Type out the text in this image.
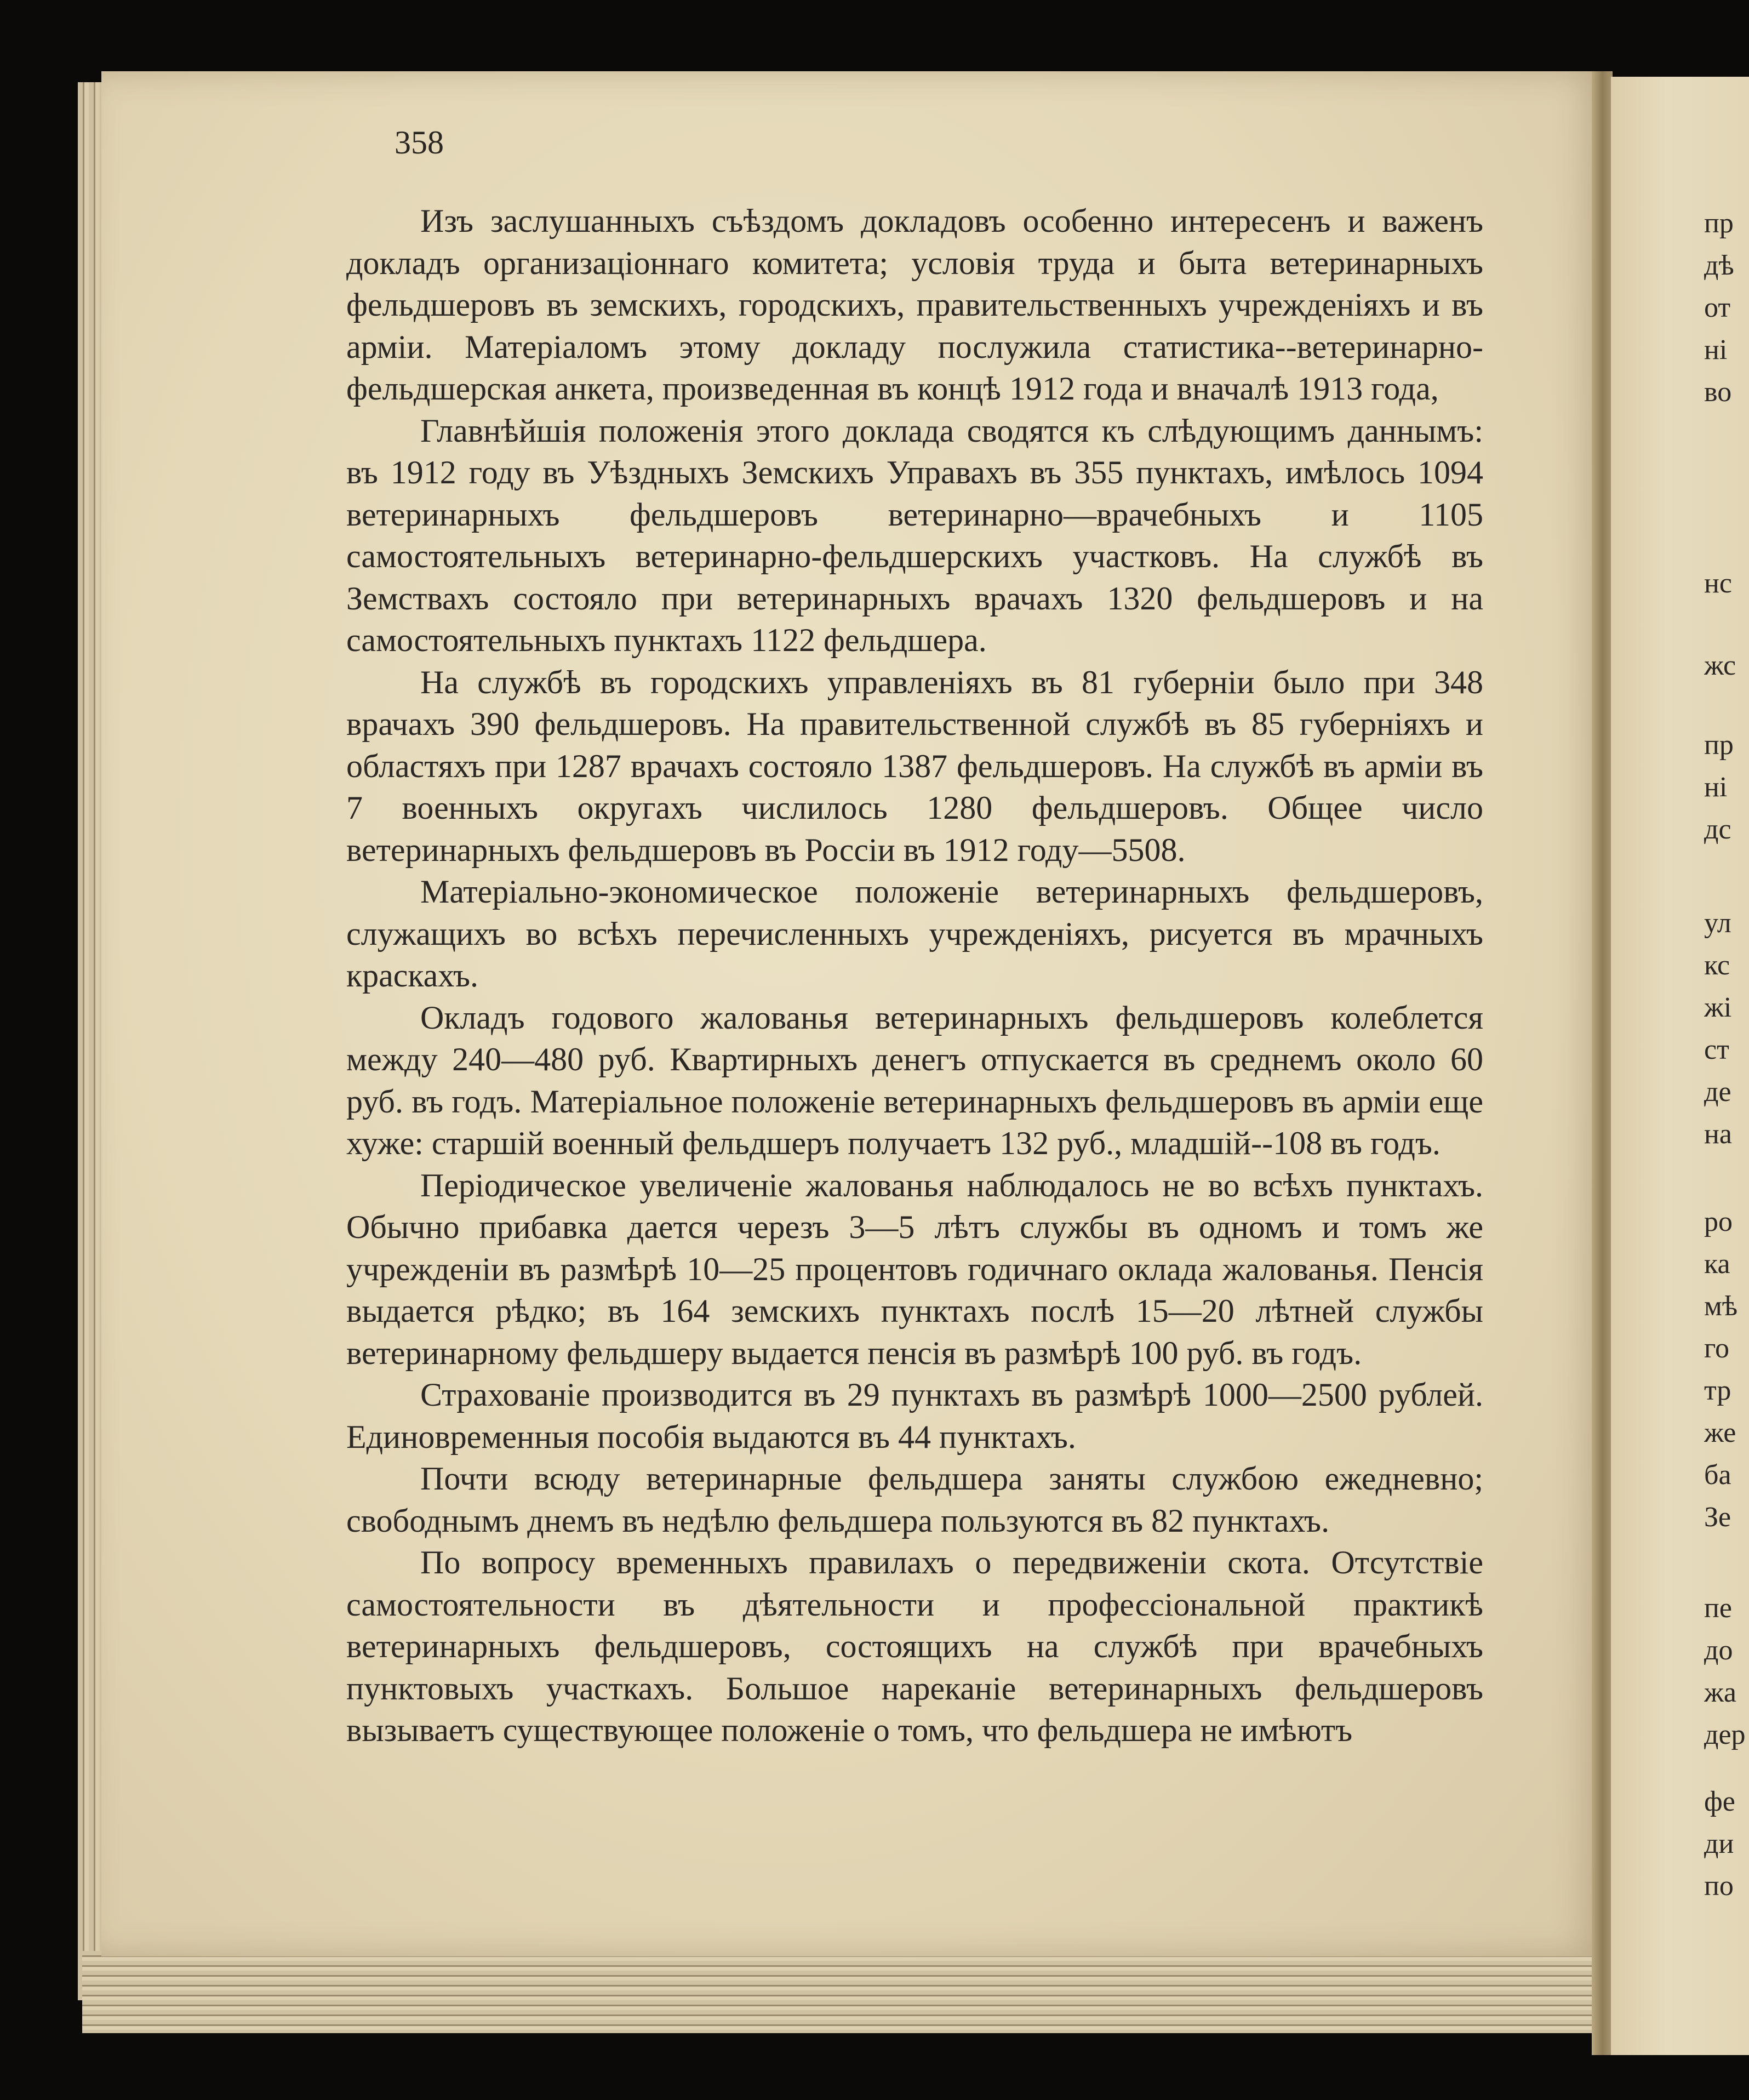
358

Изъ заслушанныхъ съѣздомъ докладовъ особенно интересенъ и важенъ докладъ организаціоннаго комитета; условія труда и быта ветеринарныхъ фельдшеровъ въ земскихъ, городскихъ, правительственныхъ учрежденіяхъ и въ арміи. Матеріаломъ этому докладу послужила статистика--ветеринарно-фельдшерская анкета, произведенная въ концѣ 1912 года и вначалѣ 1913 года,

Главнѣйшія положенія этого доклада сводятся къ слѣдующимъ даннымъ: въ 1912 году въ Уѣздныхъ Земскихъ Управахъ въ 355 пунктахъ, имѣлось 1094 ветеринарныхъ фельдшеровъ ветеринарно—врачебныхъ и 1105 самостоятельныхъ ветеринарно-фельдшерскихъ участковъ. На службѣ въ Земствахъ состояло при ветеринарныхъ врачахъ 1320 фельдшеровъ и на самостоятельныхъ пунктахъ 1122 фельдшера.

На службѣ въ городскихъ управленіяхъ въ 81 губерніи было при 348 врачахъ 390 фельдшеровъ. На правительственной службѣ въ 85 губерніяхъ и областяхъ при 1287 врачахъ состояло 1387 фельдшеровъ. На службѣ въ арміи въ 7 военныхъ округахъ числилось 1280 фельдшеровъ. Общее число ветеринарныхъ фельдшеровъ въ Россіи въ 1912 году—5508.

Матеріально-экономическое положеніе ветеринарныхъ фельдшеровъ, служащихъ во всѣхъ перечисленныхъ учрежденіяхъ, рисуется въ мрачныхъ краскахъ.

Окладъ годового жалованья ветеринарныхъ фельдшеровъ колеблется между 240—480 руб. Квартирныхъ денегъ отпускается въ среднемъ около 60 руб. въ годъ. Матеріальное положеніе ветеринарныхъ фельдшеровъ въ арміи еще хуже: старшій военный фельдшеръ получаетъ 132 руб., младшій--108 въ годъ.

Періодическое увеличеніе жалованья наблюдалось не во всѣхъ пунктахъ. Обычно прибавка дается черезъ 3—5 лѣтъ службы въ одномъ и томъ же учрежденіи въ размѣрѣ 10—25 процентовъ годичнаго оклада жалованья. Пенсія выдается рѣдко; въ 164 земскихъ пунктахъ послѣ 15—20 лѣтней службы ветеринарному фельдшеру выдается пенсія въ размѣрѣ 100 руб. въ годъ.

Страхованіе производится въ 29 пунктахъ въ размѣрѣ 1000—2500 рублей. Единовременныя пособія выдаются въ 44 пунктахъ.

Почти всюду ветеринарные фельдшера заняты службою ежедневно; свободнымъ днемъ въ недѣлю фельдшера пользуются въ 82 пунктахъ.

По вопросу временныхъ правилахъ о передвиженіи скота. Отсутствіе самостоятельности въ дѣятельности и профессіональной практикѣ ветеринарныхъ фельдшеровъ, состоящихъ на службѣ при врачебныхъ пунктовыхъ участкахъ. Большое нареканіе ветеринарныхъ фельдшеровъ вызываетъ существующее положеніе о томъ, что фельдшера не имѣютъ

пр
дѣ
от
ні
во
нс
жс
пр
ні
дс
ул
кс
жі
ст
де
на
ро
ка
мѣ
го
тр
же
ба
Зе
пе
до
жа
дер
фе
ди
по
